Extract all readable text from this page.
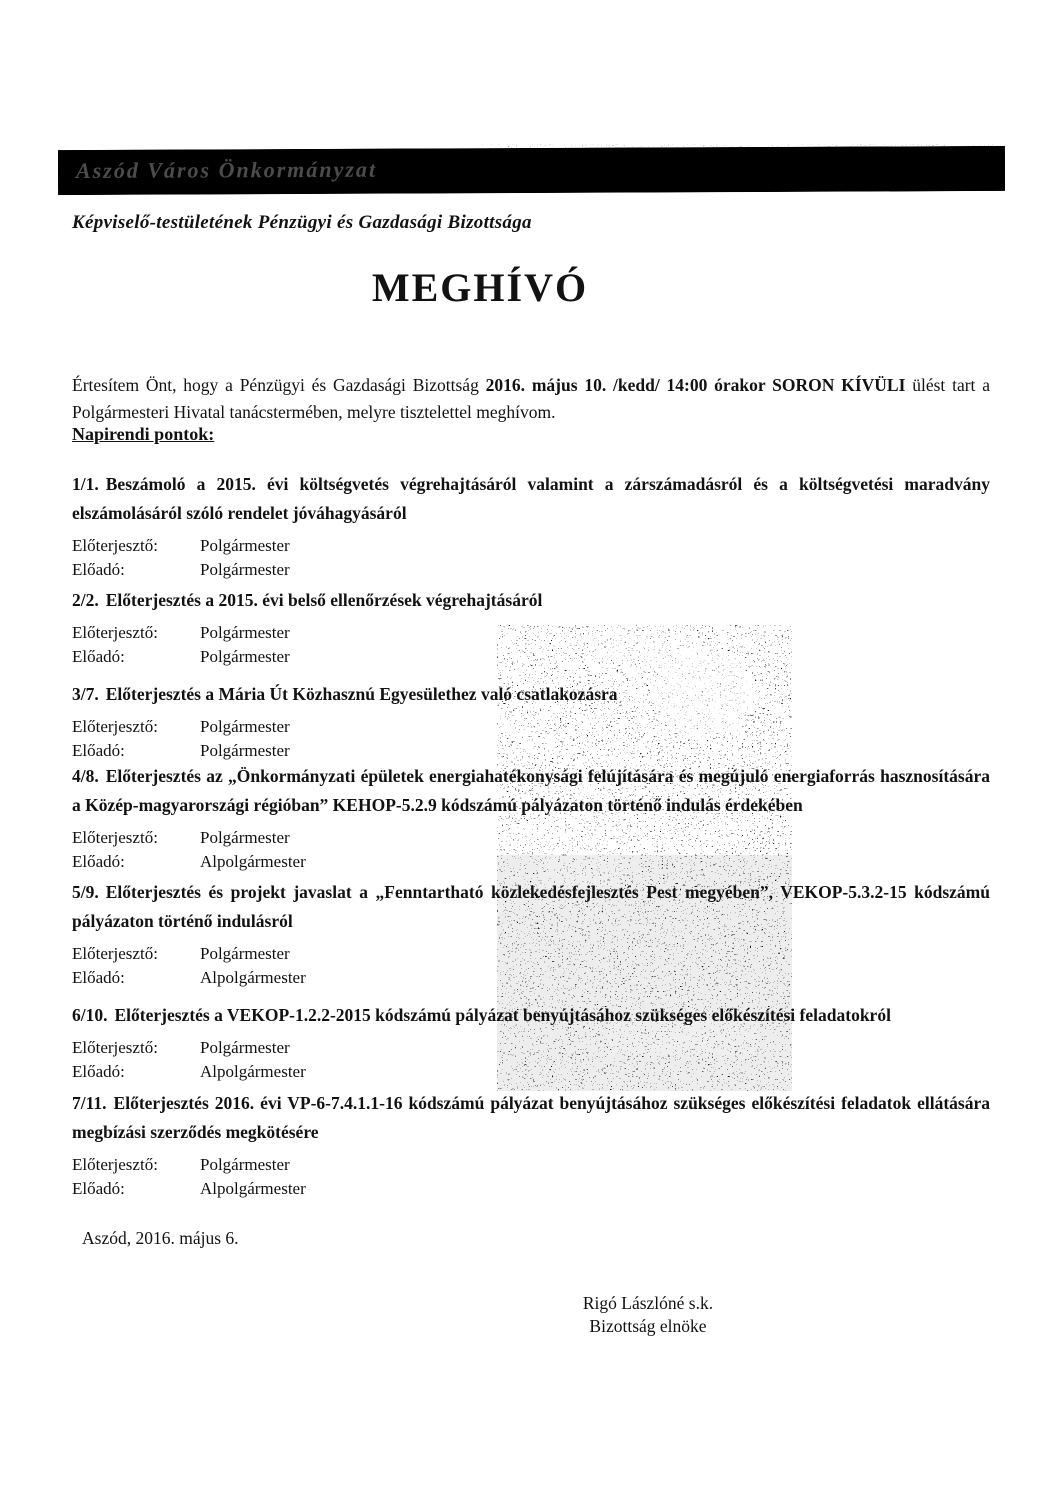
Aszód Város Önkormányzat
Képviselő-testületének Pénzügyi és Gazdasági Bizottsága
MEGHÍVÓ

Értesítem Önt, hogy a Pénzügyi és Gazdasági Bizottság 2016. május 10. /kedd/ 14:00 órakor SORON KÍVÜLI ülést tart a Polgármesteri Hivatal tanácstermében, melyre tisztelettel meghívom.

Napirendi pontok:

1/1. Beszámoló a 2015. évi költségvetés végrehajtásáról valamint a zárszámadásról és a költségvetési maradvány elszámolásáról szóló rendelet jóváhagyásáról

Előterjesztő:	Polgármester
Előadó:	Polgármester

2/2. Előterjesztés a 2015. évi belső ellenőrzések végrehajtásáról

Előterjesztő:	Polgármester
Előadó:	Polgármester

3/7. Előterjesztés a Mária Út Közhasznú Egyesülethez való csatlakozásra

Előterjesztő:	Polgármester
Előadó:	Polgármester

4/8. Előterjesztés az „Önkormányzati épületek energiahatékonysági felújítására és megújuló energiaforrás hasznosítására a Közép-magyarországi régióban” KEHOP-5.2.9 kódszámú pályázaton történő indulás érdekében

Előterjesztő:	Polgármester
Előadó:	Alpolgármester

5/9. Előterjesztés és projekt javaslat a „Fenntartható közlekedésfejlesztés Pest megyében”, VEKOP-5.3.2-15 kódszámú pályázaton történő indulásról

Előterjesztő:	Polgármester
Előadó:	Alpolgármester

6/10. Előterjesztés a VEKOP-1.2.2-2015 kódszámú pályázat benyújtásához szükséges előkészítési feladatokról

Előterjesztő:	Polgármester
Előadó:	Alpolgármester

7/11. Előterjesztés 2016. évi VP-6-7.4.1.1-16 kódszámú pályázat benyújtásához szükséges előkészítési feladatok ellátására megbízási szerződés megkötésére

Előterjesztő:	Polgármester
Előadó:	Alpolgármester
Aszód, 2016. május 6.
Rigó Lászlóné s.k.
Bizottság elnöke
